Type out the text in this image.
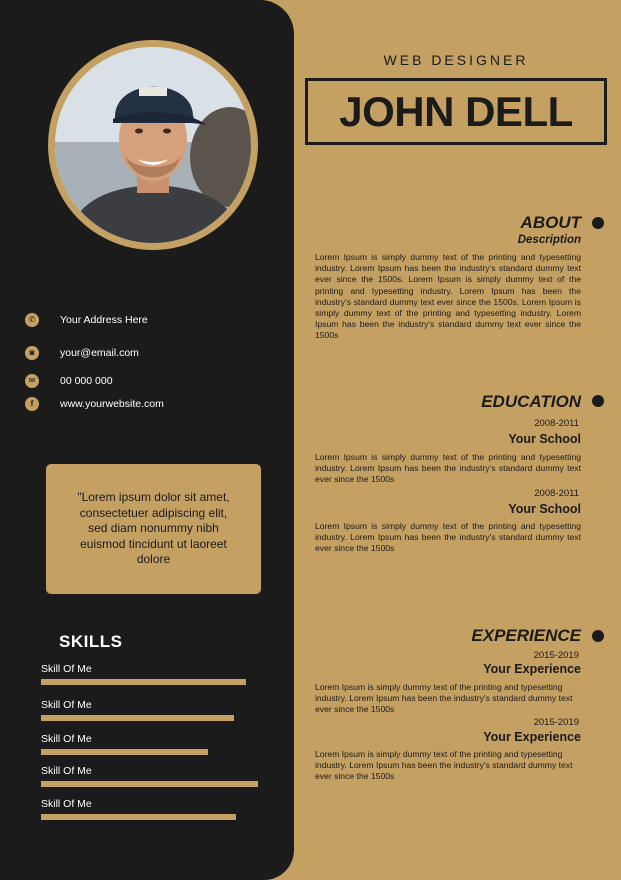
✆	Your Address Here
◙	your@email.com
✉	00 000 000
f	www.yourwebsite.com

"Lorem ipsum dolor sit amet, consectetuer adipiscing elit, sed diam nonummy nibh euismod tincidunt ut laoreet dolore

SKILLS
Skill Of Me
Skill Of Me
Skill Of Me
Skill Of Me
Skill Of Me
WEB DESIGNER
JOHN DELL
ABOUT
Description
Lorem Ipsum is simply dummy text of the printing and typesetting industry. Lorem Ipsum has been the industry's standard dummy text ever since the 1500s. Lorem Ipsum is simply dummy text of the printing and typesetting industry. Lorem Ipsum has been the industry's standard dummy text ever since the 1500s. Lorem Ipsum is simply dummy text of the printing and typesetting industry. Lorem Ipsum has been the industry's standard dummy text ever since the 1500s
EDUCATION
2008-2011
Your School
Lorem Ipsum is simply dummy text of the printing and typesetting industry. Lorem Ipsum has been the industry's standard dummy text ever since the 1500s
2008-2011
Your School
Lorem Ipsum is simply dummy text of the printing and typesetting industry. Lorem Ipsum has been the industry's standard dummy text ever since the 1500s
EXPERIENCE
2015-2019
Your Experience
Lorem Ipsum is simply dummy text of the printing and typesetting industry. Lorem Ipsum has been the industry's standard dummy text ever since the 1500s
2015-2019
Your Experience
Lorem Ipsum is simply dummy text of the printing and typesetting industry. Lorem Ipsum has been the industry's standard dummy text ever since the 1500s
